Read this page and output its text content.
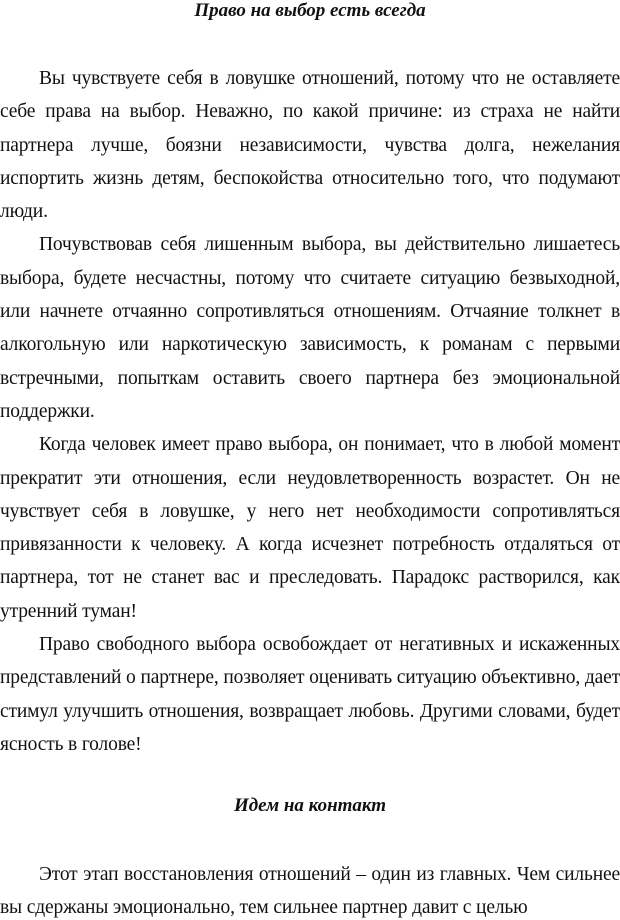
Право на выбор есть всегда

Вы чувствуете себя в ловушке отношений, потому что не оставляете себе права на выбор. Неважно, по какой причине: из страха не найти партнера лучше, боязни независимости, чувства долга, нежелания испортить жизнь детям, беспокойства относительно того, что подумают люди.

Почувствовав себя лишенным выбора, вы действительно лишаетесь выбора, будете несчастны, потому что считаете ситуацию безвыходной, или начнете отчаянно сопротивляться отношениям. Отчаяние толкнет в алкогольную или наркотическую зависимость, к романам с первыми встречными, попыткам оставить своего партнера без эмоциональной поддержки.

Когда человек имеет право выбора, он понимает, что в любой момент прекратит эти отношения, если неудовлетворенность возрастет. Он не чувствует себя в ловушке, у него нет необходимости сопротивляться привязанности к человеку. А когда исчезнет потребность отдаляться от партнера, тот не станет вас и преследовать. Парадокс растворился, как утренний туман!

Право свободного выбора освобождает от негативных и искаженных представлений о партнере, позволяет оценивать ситуацию объективно, дает стимул улучшить отношения, возвращает любовь. Другими словами, будет ясность в голове!

Идем на контакт

Этот этап восстановления отношений – один из главных. Чем сильнее вы сдержаны эмоционально, тем сильнее партнер давит с целью
